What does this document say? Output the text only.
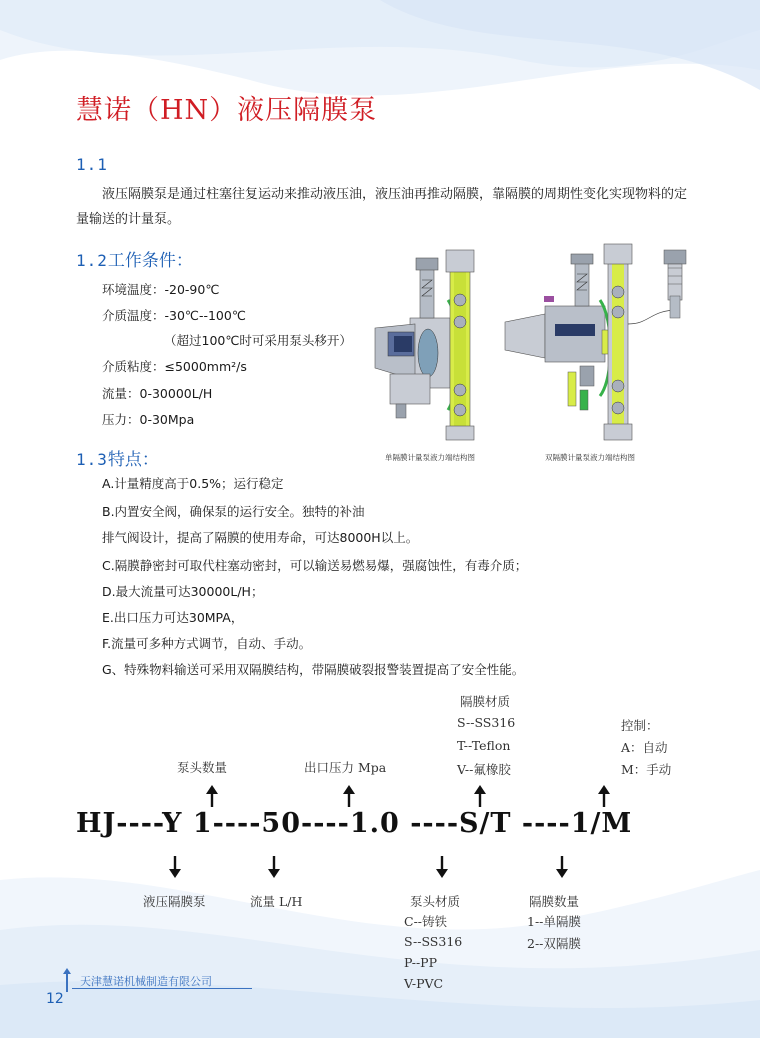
慧诺（HN）液压隔膜泵
1.1
液压隔膜泵是通过柱塞往复运动来推动液压油，液压油再推动隔膜，靠隔膜的周期性变化实现物料的定量输送的计量泵。
1.2工作条件：
环境温度：-20-90℃
介质温度：-30℃--100℃
（超过100℃时可采用泵头移开）
介质粘度：≤5000mm²/s
流量：0-30000L/H
压力：0-30Mpa
单隔膜计量泵液力端结构图	双隔膜计量泵液力端结构图
1.3特点：
A.计量精度高于0.5%；运行稳定
B.内置安全阀，确保泵的运行安全。独特的补油
排气阀设计，提高了隔膜的使用寿命，可达8000H以上。
C.隔膜静密封可取代柱塞动密封，可以输送易燃易爆，强腐蚀性，有毒介质；
D.最大流量可达30000L/H；
E.出口压力可达30MPA，
F.流量可多种方式调节，自动、手动。
G、特殊物料输送可采用双隔膜结构，带隔膜破裂报警装置提高了安全性能。
隔膜材质
S--SS316
T--Teflon
V--氟橡胶
控制：
A：自动
M：手动
泵头数量	出口压力 Mpa
HJ----Y 1----50----1.0 ----S/T ----1/M
液压隔膜泵	流量 L/H	泵头材质
C--铸铁
S--SS316
P--PP
V-PVC
隔膜数量
1--单隔膜
2--双隔膜
天津慧诺机械制造有限公司
12
